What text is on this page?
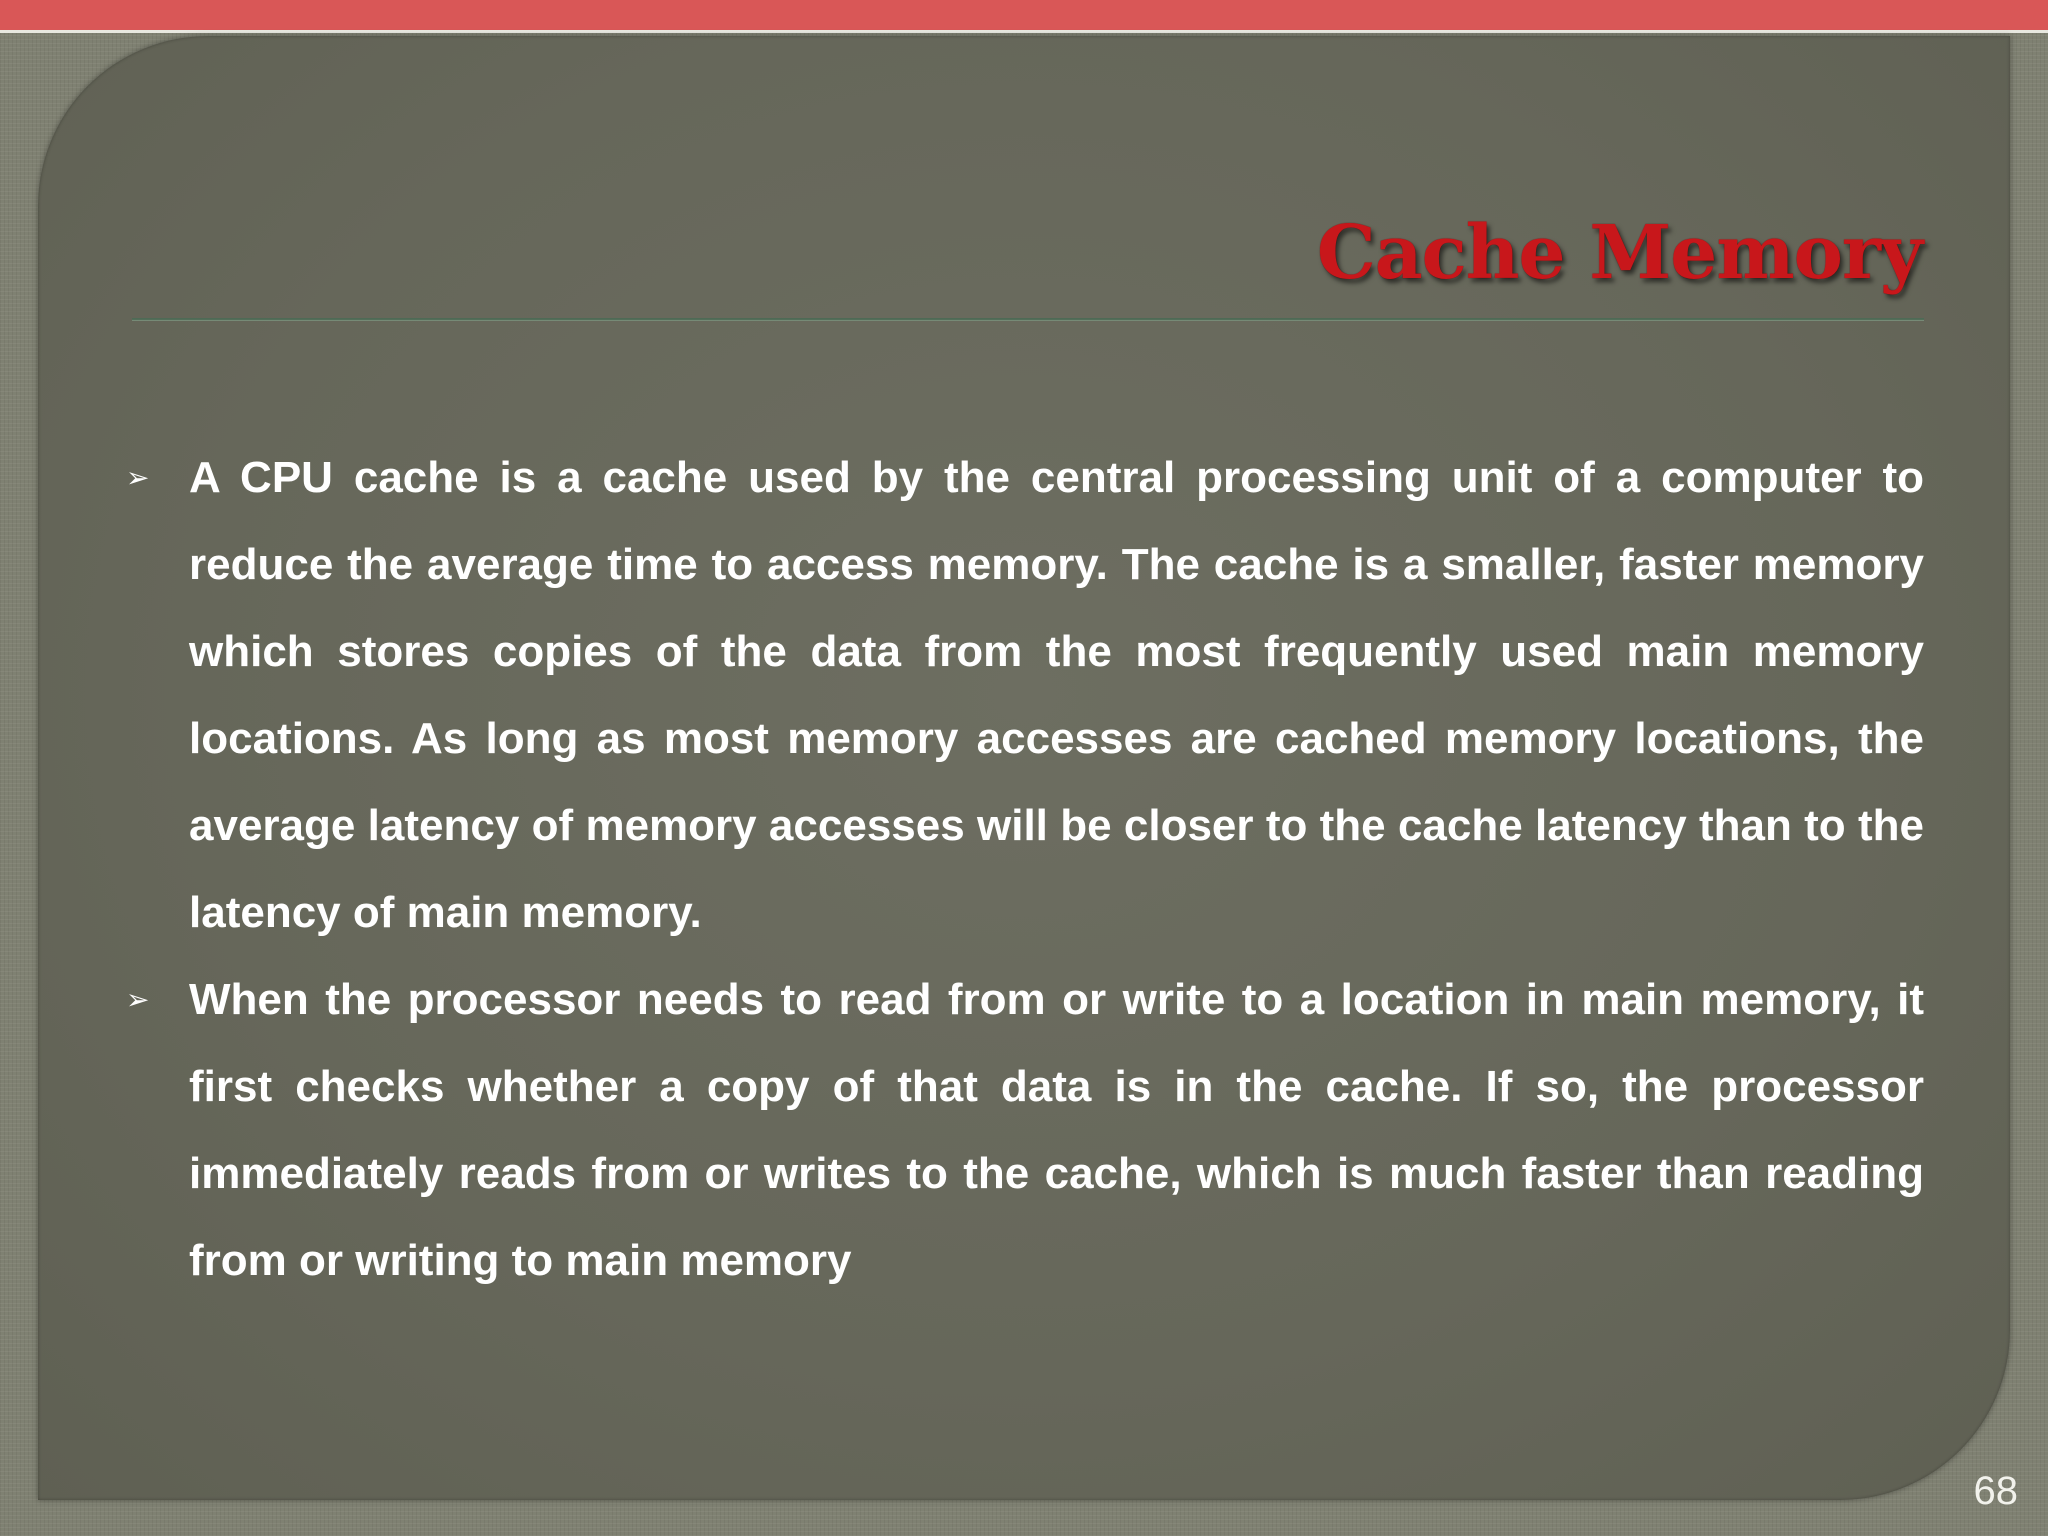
Cache Memory
➢ A CPU cache is a cache used by the central processing unit of a computer to reduce the average time to access memory. The cache is a smaller, faster memory which stores copies of the data from the most frequently used main memory locations. As long as most memory accesses are cached memory locations, the average latency of memory accesses will be closer to the cache latency than to the latency of main memory.
➢ When the processor needs to read from or write to a location in main memory, it first checks whether a copy of that data is in the cache. If so, the processor immediately reads from or writes to the cache, which is much faster than reading from or writing to main memory
68
